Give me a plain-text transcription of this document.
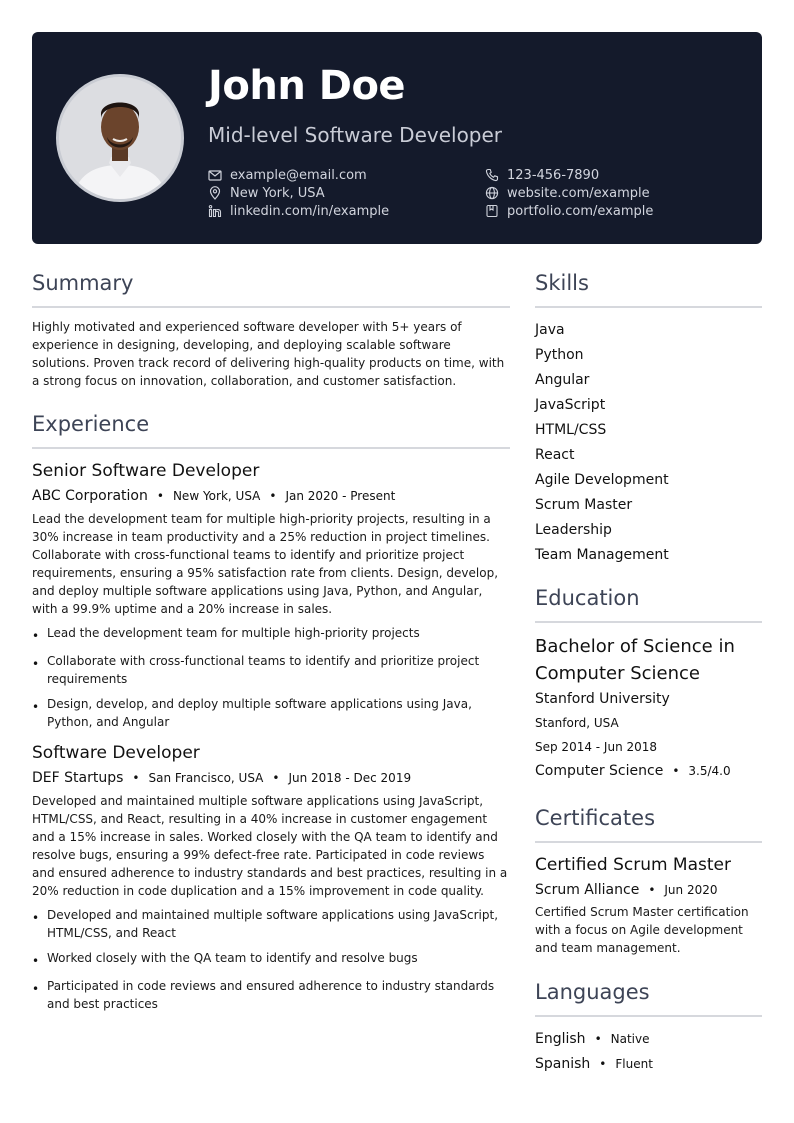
John Doe
Mid-level Software Developer
example@email.com
New York, USA
linkedin.com/in/example
123-456-7890
website.com/example
portfolio.com/example
Summary
Highly motivated and experienced software developer with 5+ years of experience in designing, developing, and deploying scalable software solutions. Proven track record of delivering high-quality products on time, with a strong focus on innovation, collaboration, and customer satisfaction.
Experience
Senior Software Developer
ABC Corporation • New York, USA • Jan 2020 - Present
Lead the development team for multiple high-priority projects, resulting in a 30% increase in team productivity and a 25% reduction in project timelines. Collaborate with cross-functional teams to identify and prioritize project requirements, ensuring a 95% satisfaction rate from clients. Design, develop, and deploy multiple software applications using Java, Python, and Angular, with a 99.9% uptime and a 20% increase in sales.
• Lead the development team for multiple high-priority projects
• Collaborate with cross-functional teams to identify and prioritize project requirements
• Design, develop, and deploy multiple software applications using Java, Python, and Angular
Software Developer
DEF Startups • San Francisco, USA • Jun 2018 - Dec 2019
Developed and maintained multiple software applications using JavaScript, HTML/CSS, and React, resulting in a 40% increase in customer engagement and a 15% increase in sales. Worked closely with the QA team to identify and resolve bugs, ensuring a 99% defect-free rate. Participated in code reviews and ensured adherence to industry standards and best practices, resulting in a 20% reduction in code duplication and a 15% improvement in code quality.
• Developed and maintained multiple software applications using JavaScript, HTML/CSS, and React
• Worked closely with the QA team to identify and resolve bugs
• Participated in code reviews and ensured adherence to industry standards and best practices
Skills
Java
Python
Angular
JavaScript
HTML/CSS
React
Agile Development
Scrum Master
Leadership
Team Management
Education
Bachelor of Science in Computer Science
Stanford University
Stanford, USA
Sep 2014 - Jun 2018
Computer Science • 3.5/4.0
Certificates
Certified Scrum Master
Scrum Alliance • Jun 2020
Certified Scrum Master certification with a focus on Agile development and team management.
Languages
English • Native
Spanish • Fluent
